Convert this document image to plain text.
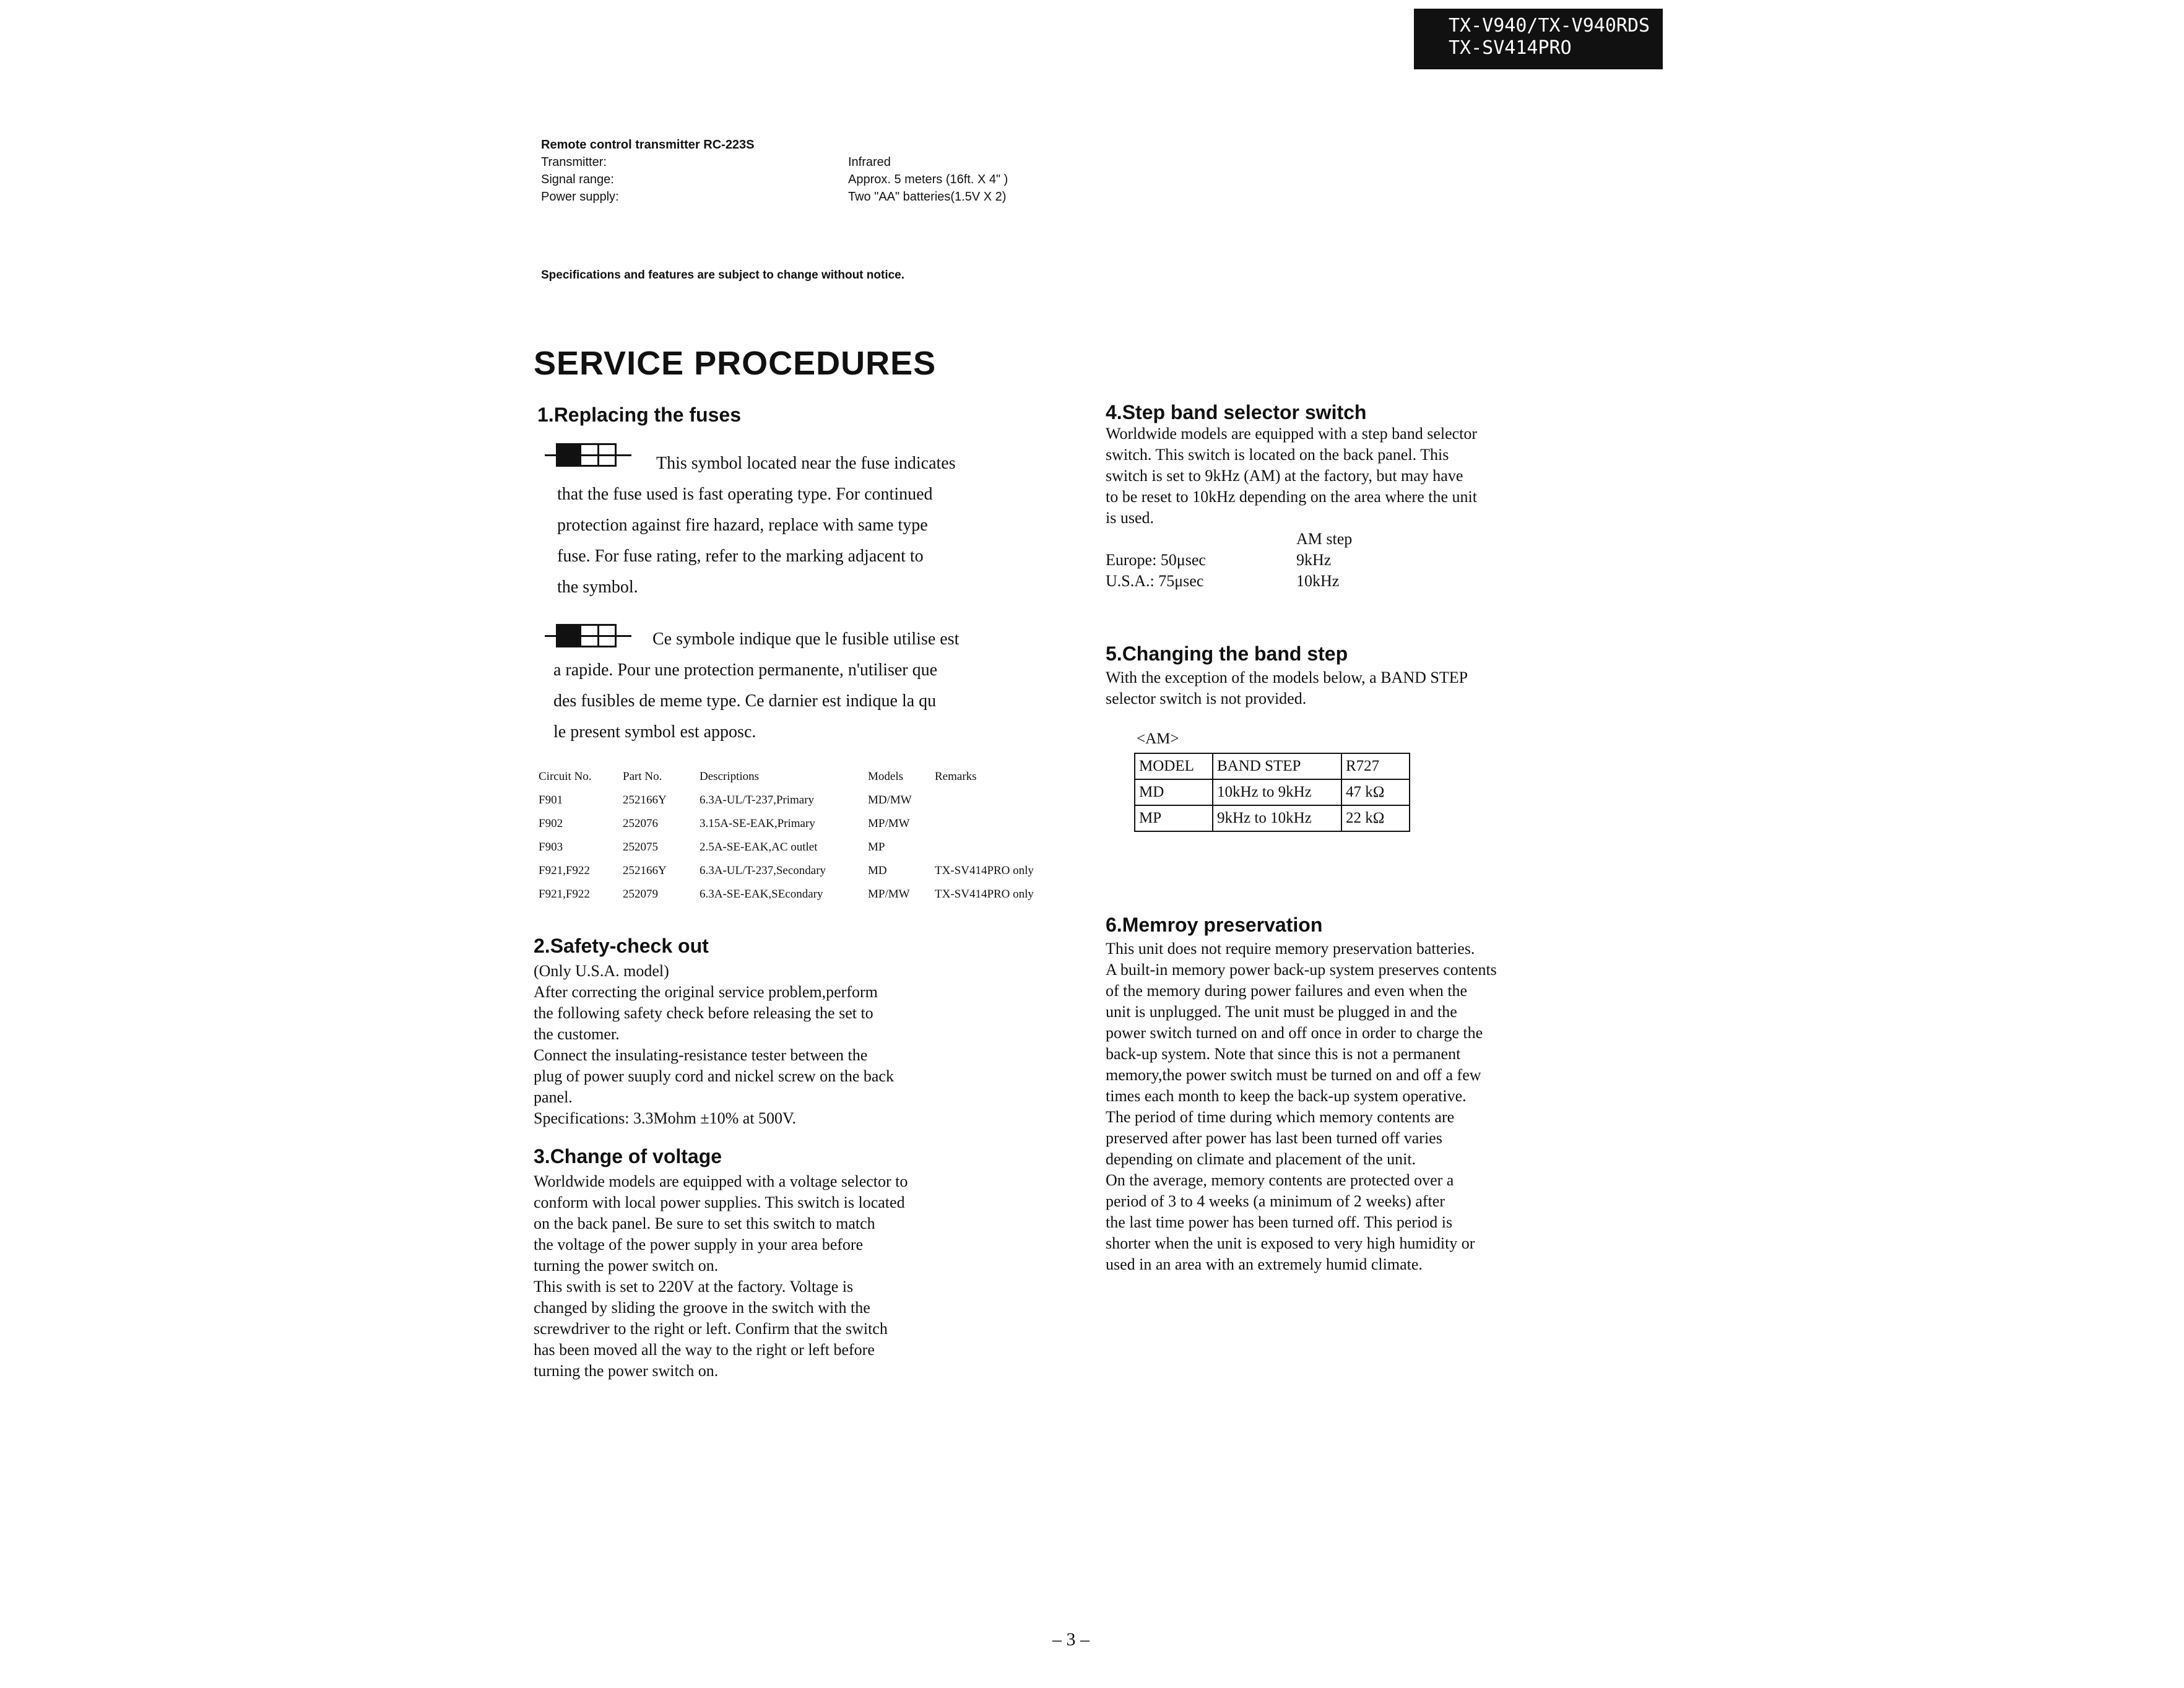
TX-V940/TX-V940RDS
TX-SV414PRO
Remote control transmitter RC-223S
Transmitter:	Infrared
Signal range:	Approx. 5 meters (16ft. X 4" )
Power supply:	Two "AA" batteries(1.5V X 2)
Specifications and features are subject to change without notice.
SERVICE PROCEDURES
1.Replacing the fuses
This symbol located near the fuse indicates
that the fuse used is fast operating type. For continued
protection against fire hazard, replace with same type
fuse. For fuse rating, refer to the marking adjacent to
the symbol.
Ce symbole indique que le fusible utilise est
a rapide. Pour une protection permanente, n'utiliser que
des fusibles de meme type. Ce darnier est indique la qu
le present symbol est apposc.
Circuit No.	Part No.	Descriptions	Models	Remarks
F901	252166Y	6.3A-UL/T-237,Primary	MD/MW	
F902	252076	3.15A-SE-EAK,Primary	MP/MW	
F903	252075	2.5A-SE-EAK,AC outlet	MP	
F921,F922	252166Y	6.3A-UL/T-237,Secondary	MD	TX-SV414PRO only
F921,F922	252079	6.3A-SE-EAK,SEcondary	MP/MW	TX-SV414PRO only
2.Safety-check out
(Only U.S.A. model)
After correcting the original service problem,perform
the following safety check before releasing the set to
the customer.
Connect the insulating-resistance tester between the
plug of power suuply cord and nickel screw on the back
panel.
Specifications: 3.3Mohm ±10% at 500V.
3.Change of voltage
Worldwide models are equipped with a voltage selector to
conform with local power supplies. This switch is located
on the back panel. Be sure to set this switch to match
the voltage of the power supply in your area before
turning the power switch on.
This swith is set to 220V at the factory. Voltage is
changed by sliding the groove in the switch with the
screwdriver to the right or left. Confirm that the switch
has been moved all the way to the right or left before
turning the power switch on.
4.Step band selector switch
Worldwide models are equipped with a step band selector
switch. This switch is located on the back panel. This
switch is set to 9kHz (AM) at the factory, but may have
to be reset to 10kHz depending on the area where the unit
is used.
AM step
Europe: 50μsec	9kHz
U.S.A.: 75μsec	10kHz
5.Changing the band step
With the exception of the models below, a BAND STEP
selector switch is not provided.
<AM>
MODEL	BAND STEP	R727
MD	10kHz to 9kHz	47 kΩ
MP	9kHz to 10kHz	22 kΩ
6.Memroy preservation
This unit does not require memory preservation batteries.
A built-in memory power back-up system preserves contents
of the memory during power failures and even when the
unit is unplugged. The unit must be plugged in and the
power switch turned on and off once in order to charge the
back-up system. Note that since this is not a permanent
memory,the power switch must be turned on and off a few
times each month to keep the back-up system operative.
The period of time during which memory contents are
preserved after power has last been turned off varies
depending on climate and placement of the unit.
On the average, memory contents are protected over a
period of 3 to 4 weeks (a minimum of 2 weeks) after
the last time power has been turned off. This period is
shorter when the unit is exposed to very high humidity or
used in an area with an extremely humid climate.
– 3 –
